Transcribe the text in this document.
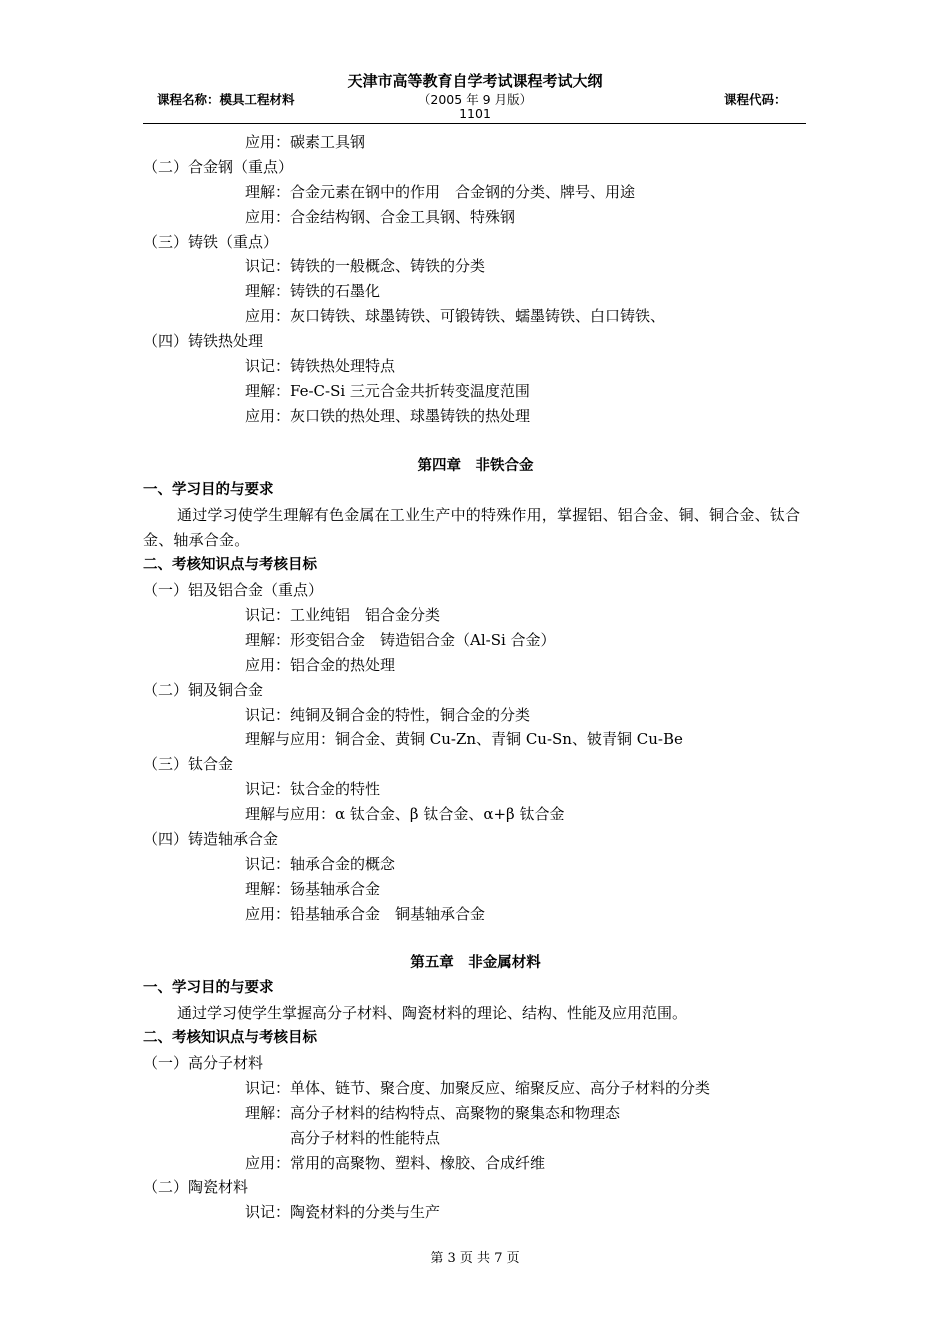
天津市高等教育自学考试课程考试大纲
课程名称：模具工程材料	（2005 年 9 月版）	课程代码：
1101
应用：碳素工具钢
（二）合金钢（重点）
理解：合金元素在钢中的作用　合金钢的分类、牌号、用途
应用：合金结构钢、合金工具钢、特殊钢
（三）铸铁（重点）
识记：铸铁的一般概念、铸铁的分类
理解：铸铁的石墨化
应用：灰口铸铁、球墨铸铁、可锻铸铁、蠕墨铸铁、白口铸铁、
（四）铸铁热处理
识记：铸铁热处理特点
理解：Fe-C-Si 三元合金共折转变温度范围
应用：灰口铁的热处理、球墨铸铁的热处理
第四章　非铁合金
一、学习目的与要求
通过学习使学生理解有色金属在工业生产中的特殊作用，掌握铝、铝合金、铜、铜合金、钛合金、轴承合金。
二、考核知识点与考核目标
（一）铝及铝合金（重点）
识记：工业纯铝　铝合金分类
理解：形变铝合金　铸造铝合金（Al-Si 合金）
应用：铝合金的热处理
（二）铜及铜合金
识记：纯铜及铜合金的特性，铜合金的分类
理解与应用：铜合金、黄铜 Cu-Zn、青铜 Cu-Sn、铍青铜 Cu-Be
（三）钛合金
识记：钛合金的特性
理解与应用：α 钛合金、β 钛合金、α+β 钛合金
（四）铸造轴承合金
识记：轴承合金的概念
理解：钖基轴承合金
应用：铅基轴承合金　铜基轴承合金
第五章　非金属材料
一、学习目的与要求
通过学习使学生掌握高分子材料、陶瓷材料的理论、结构、性能及应用范围。
二、考核知识点与考核目标
（一）高分子材料
识记：单体、链节、聚合度、加聚反应、缩聚反应、高分子材料的分类
理解：高分子材料的结构特点、高聚物的聚集态和物理态
　　　高分子材料的性能特点
应用：常用的高聚物、塑料、橡胶、合成纤维
（二）陶瓷材料
识记：陶瓷材料的分类与生产
第 3 页 共 7 页
